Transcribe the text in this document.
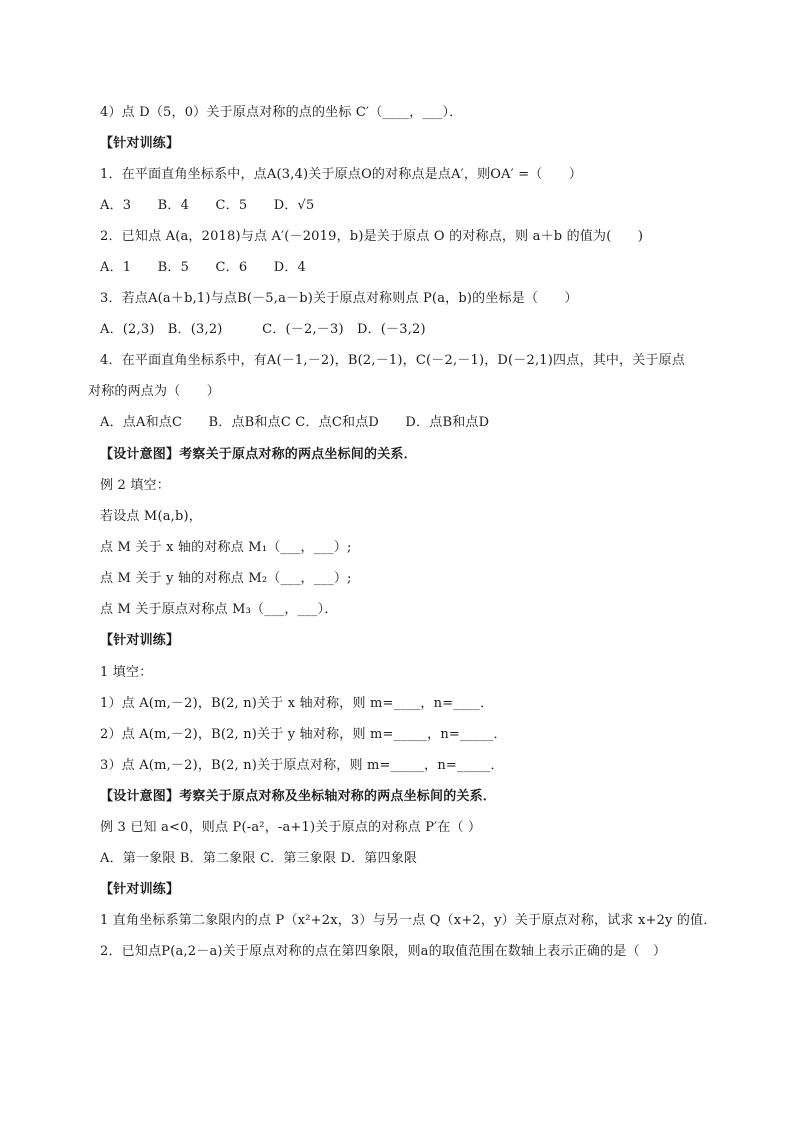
4）点 D（5，0）关于原点对称的点的坐标 C′（____，___）．
【针对训练】
1．在平面直角坐标系中，点A(3,4)关于原点O的对称点是点A′，则OA′ =（　　）
A．3　　B．4　　C．5　　D．√5
2．已知点 A(a，2018)与点 A′(－2019，b)是关于原点 O 的对称点，则 a＋b 的值为(　　)
A．1　　B．5　　C．6　　D．4
3．若点A(a＋b,1)与点B(－5,a－b)关于原点对称则点 P(a，b)的坐标是（　　）
A．(2,3)　B．(3,2)　　　C．(－2,－3)　D．(－3,2)
4．在平面直角坐标系中，有A(－1,－2)，B(2,－1)，C(－2,－1)，D(－2,1)四点，其中，关于原点
对称的两点为（　　）
A．点A和点C　　B．点B和点C C．点C和点D　　D．点B和点D
【设计意图】考察关于原点对称的两点坐标间的关系．
例 2 填空：
若设点 M(a,b)，
点 M 关于 x 轴的对称点 M₁（___，___）;
点 M 关于 y 轴的对称点 M₂（___，___）;
点 M 关于原点对称点 M₃（___，___）．
【针对训练】
1 填空：
1）点 A(m,－2)，B(2, n)关于 x 轴对称，则 m=____，n=____．
2）点 A(m,－2)，B(2, n)关于 y 轴对称，则 m=_____，n=_____．
3）点 A(m,－2)，B(2, n)关于原点对称，则 m=_____，n=_____．
【设计意图】考察关于原点对称及坐标轴对称的两点坐标间的关系．
例 3 已知 a<0，则点 P(-a²，-a+1)关于原点的对称点 P′在（ ）
A．第一象限 B．第二象限 C．第三象限 D．第四象限
【针对训练】
1 直角坐标系第二象限内的点 P（x²+2x，3）与另一点 Q（x+2，y）关于原点对称，试求 x+2y 的值．
2．已知点P(a,2－a)关于原点对称的点在第四象限，则a的取值范围在数轴上表示正确的是（　）
